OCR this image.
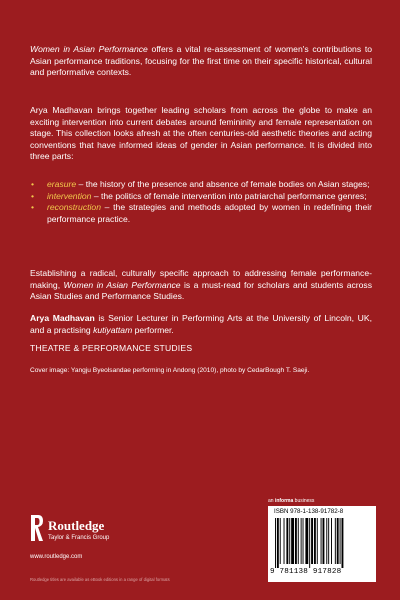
Women in Asian Performance offers a vital re-assessment of women's contributions to Asian performance traditions, focusing for the first time on their specific historical, cultural and performative contexts.
Arya Madhavan brings together leading scholars from across the globe to make an exciting intervention into current debates around femininity and female representation on stage. This collection looks afresh at the often centuries-old aesthetic theories and acting conventions that have informed ideas of gender in Asian performance. It is divided into three parts:
• erasure – the history of the presence and absence of female bodies on Asian stages;
• intervention – the politics of female intervention into patriarchal performance genres;
• reconstruction – the strategies and methods adopted by women in redefining their performance practice.
Establishing a radical, culturally specific approach to addressing female performance-making, Women in Asian Performance is a must-read for scholars and students across Asian Studies and Performance Studies.
Arya Madhavan is Senior Lecturer in Performing Arts at the University of Lincoln, UK, and a practising kutiyattam performer.
THEATRE & PERFORMANCE STUDIES
Cover image: Yangju Byeolsandae performing in Andong (2010), photo by CedarBough T. Saeji.
Routledge
Taylor & Francis Group
www.routledge.com
an informa business
ISBN 978-1-138-91782-8
9 781138 917828
Routledge titles are available as eBook editions in a range of digital formats
